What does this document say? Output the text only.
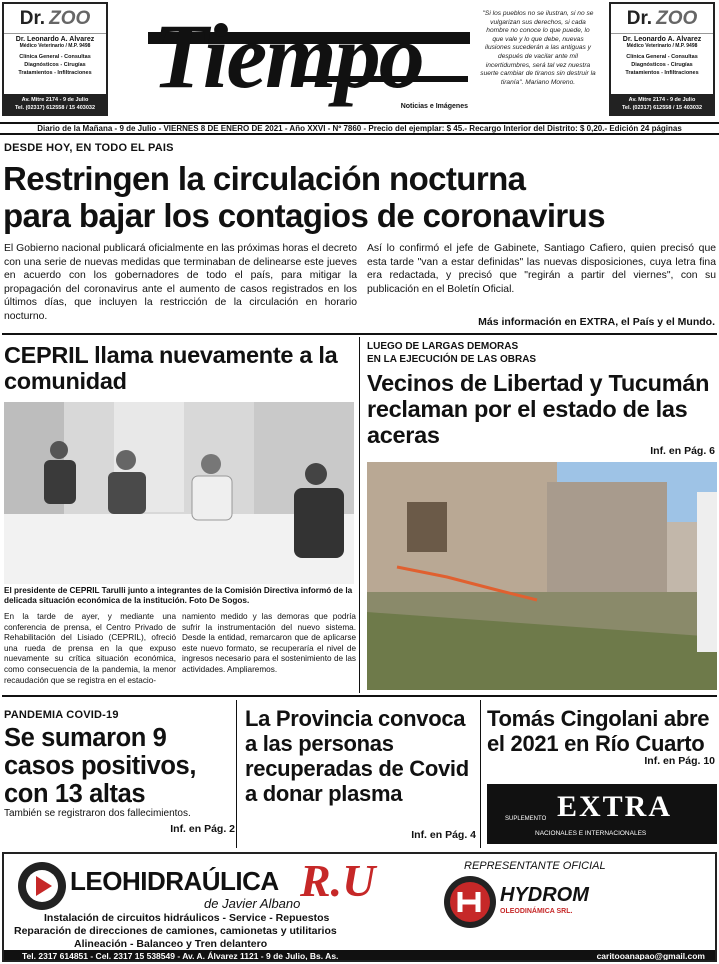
Dr. ZOO
Dr. Leonardo A. Alvarez
Médico Veterinario / M.P. 9498
Clínica General - Consultas
Diagnósticos - Cirugías
Tratamientos - Infiltraciones
Av. Mitre 2174 - 9 de Julio
Tel. (02317) 612558 / 15 403032
Dr. ZOO
Dr. Leonardo A. Alvarez
Médico Veterinario / M.P. 9498
Clínica General - Consultas
Diagnósticos - Cirugías
Tratamientos - Infiltraciones
Av. Mitre 2174 - 9 de Julio
Tel. (02317) 612558 / 15 403032
Tiempo
Noticias e Imágenes
"Si los pueblos no se ilustran, si no se vulgarizan sus derechos, si cada hombre no conoce lo que puede, lo que vale y lo que debe, nuevas ilusiones sucederán a las antiguas y después de vacilar ante mil incertidumbres, será tal vez nuestra suerte cambiar de tiranos sin destruir la tiranía". Mariano Moreno.
Diario de la Mañana - 9 de Julio - VIERNES 8 DE ENERO DE 2021 - Año XXVI - Nº 7860 - Precio del ejemplar: $ 45.- Recargo Interior del Distrito: $ 0,20.- Edición 24 páginas
DESDE HOY, EN TODO EL PAIS
Restringen la circulación nocturna
para bajar los contagios de coronavirus
El Gobierno nacional publicará oficialmente en las próximas horas el decreto con una serie de nuevas medidas que terminaban de delinearse este jueves en acuerdo con los gobernadores de todo el país, para mitigar la propagación del coronavirus ante el aumento de casos registrados en los últimos días, que incluyen la restricción de la circulación en horario nocturno.
Así lo confirmó el jefe de Gabinete, Santiago Cafiero, quien precisó que esta tarde "van a estar definidas" las nuevas disposiciones, cuya letra fina era redactada, y precisó que "regirán a partir del viernes", con su publicación en el Boletín Oficial.
Más información en EXTRA, el País y el Mundo.
CEPRIL llama nuevamente a la comunidad
El presidente de CEPRIL Tarulli junto a integrantes de la Comisión Directiva informó de la delicada situación económica de la institución. Foto De Sogos.
En la tarde de ayer, y mediante una conferencia de prensa, el Centro Privado de Rehabilitación del Lisiado (CEPRIL), ofreció una rueda de prensa en la que expuso nuevamente su crítica situación económica, como consecuencia de la pandemia, la menor recaudación que se registra en el estacio-
namiento medido y las demoras que podría sufrir la instrumentación del nuevo sistema. Desde la entidad, remarcaron que de aplicarse este nuevo formato, se recuperaría el nivel de ingresos necesario para el sostenimiento de las actividades. Ampliaremos.
LUEGO DE LARGAS DEMORAS
EN LA EJECUCIÓN DE LAS OBRAS
Vecinos de Libertad y Tucumán reclaman por el estado de las aceras
Inf. en Pág. 6
PANDEMIA COVID-19
Se sumaron 9 casos positivos, con 13 altas
También se registraron dos fallecimientos.
Inf. en Pág. 2
La Provincia convoca a las personas recuperadas de Covid a donar plasma
Inf. en Pág. 4
Tomás Cingolani abre el 2021 en Río Cuarto
Inf. en Pág. 10
SUPLEMENTO EXTRA
NACIONALES E INTERNACIONALES
LEOHIDRAÚLICA R.U
de Javier Albano
REPRESENTANTE OFICIAL
HYDROM
OLEODINÁMICA SRL.
Instalación de circuitos hidráulicos - Service - Repuestos
Reparación de direcciones de camiones, camionetas y utilitarios
Alineación - Balanceo y Tren delantero
Tel. 2317 614851 - Cel. 2317 15 538549 - Av. A. Álvarez 1121 - 9 de Julio, Bs. As.	caritooanapao@gmail.com
